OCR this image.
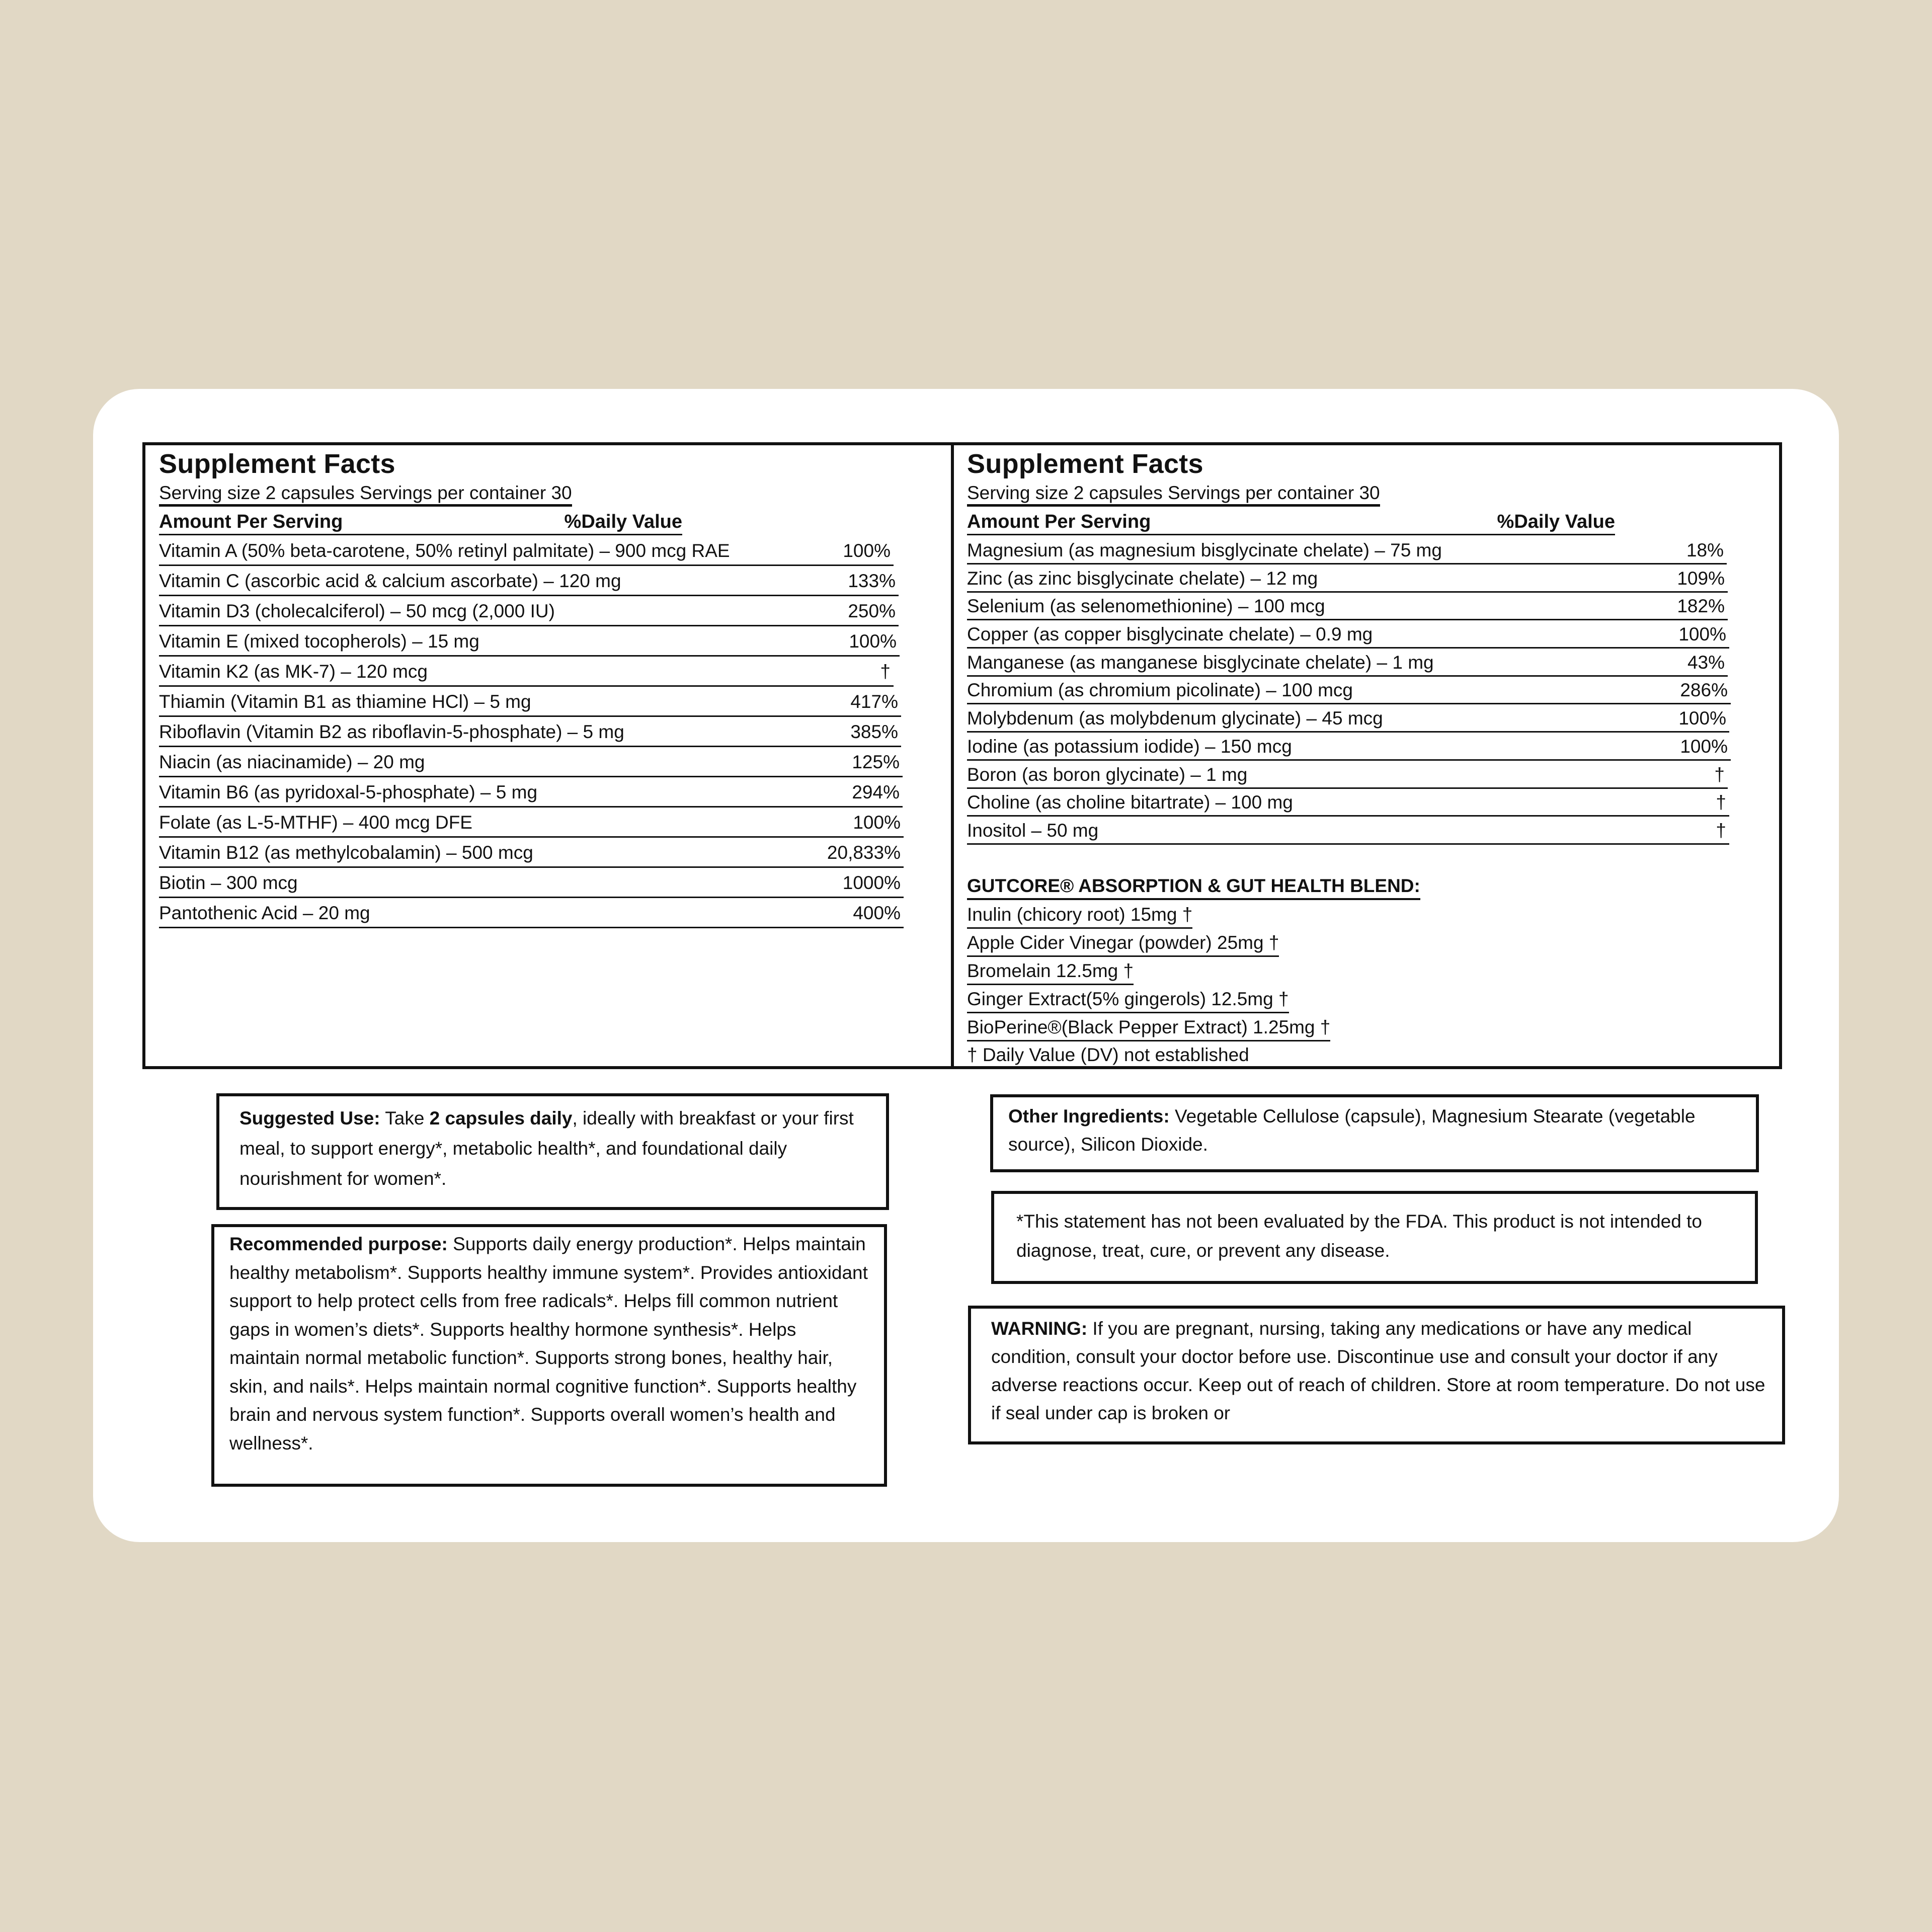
Supplement Facts
Serving size 2 capsules Servings per container 30
Amount Per Serving	%Daily Value
Vitamin A (50% beta-carotene, 50% retinyl palmitate) – 900 mcg RAE	100%
Vitamin C (ascorbic acid & calcium ascorbate) – 120 mg	133%
Vitamin D3 (cholecalciferol) – 50 mcg (2,000 IU)	250%
Vitamin E (mixed tocopherols) – 15 mg	100%
Vitamin K2 (as MK-7) – 120 mcg	†
Thiamin (Vitamin B1 as thiamine HCl) – 5 mg	417%
Riboflavin (Vitamin B2 as riboflavin-5-phosphate) – 5 mg	385%
Niacin (as niacinamide) – 20 mg	125%
Vitamin B6 (as pyridoxal-5-phosphate) – 5 mg	294%
Folate (as L-5-MTHF) – 400 mcg DFE	100%
Vitamin B12 (as methylcobalamin) – 500 mcg	20,833%
Biotin – 300 mcg	1000%
Pantothenic Acid – 20 mg	400%
Supplement Facts
Serving size 2 capsules Servings per container 30
Amount Per Serving	%Daily Value
Magnesium (as magnesium bisglycinate chelate) – 75 mg	18%
Zinc (as zinc bisglycinate chelate) – 12 mg	109%
Selenium (as selenomethionine) – 100 mcg	182%
Copper (as copper bisglycinate chelate) – 0.9 mg	100%
Manganese (as manganese bisglycinate chelate) – 1 mg	43%
Chromium (as chromium picolinate) – 100 mcg	286%
Molybdenum (as molybdenum glycinate) – 45 mcg	100%
Iodine (as potassium iodide) – 150 mcg	100%
Boron (as boron glycinate) – 1 mg	†
Choline (as choline bitartrate) – 100 mg	†
Inositol – 50 mg	†
GUTCORE® ABSORPTION & GUT HEALTH BLEND:
Inulin (chicory root) 15mg †
Apple Cider Vinegar (powder) 25mg †
Bromelain 12.5mg †
Ginger Extract(5% gingerols) 12.5mg †
BioPerine®(Black Pepper Extract) 1.25mg †
† Daily Value (DV) not established
Suggested Use: Take 2 capsules daily, ideally with breakfast or your first meal, to support energy*, metabolic health*, and foundational daily nourishment for women*.
Recommended purpose: Supports daily energy production*. Helps maintain healthy metabolism*. Supports healthy immune system*. Provides antioxidant support to help protect cells from free radicals*. Helps fill common nutrient gaps in women’s diets*. Supports healthy hormone synthesis*. Helps maintain normal metabolic function*. Supports strong bones, healthy hair, skin, and nails*. Helps maintain normal cognitive function*. Supports healthy brain and nervous system function*. Supports overall women’s health and wellness*.
Other Ingredients: Vegetable Cellulose (capsule), Magnesium Stearate (vegetable source), Silicon Dioxide.
*This statement has not been evaluated by the FDA. This product is not intended to diagnose, treat, cure, or prevent any disease.
WARNING: If you are pregnant, nursing, taking any medications or have any medical condition, consult your doctor before use. Discontinue use and consult your doctor if any adverse reactions occur. Keep out of reach of children. Store at room temperature. Do not use if seal under cap is broken or
